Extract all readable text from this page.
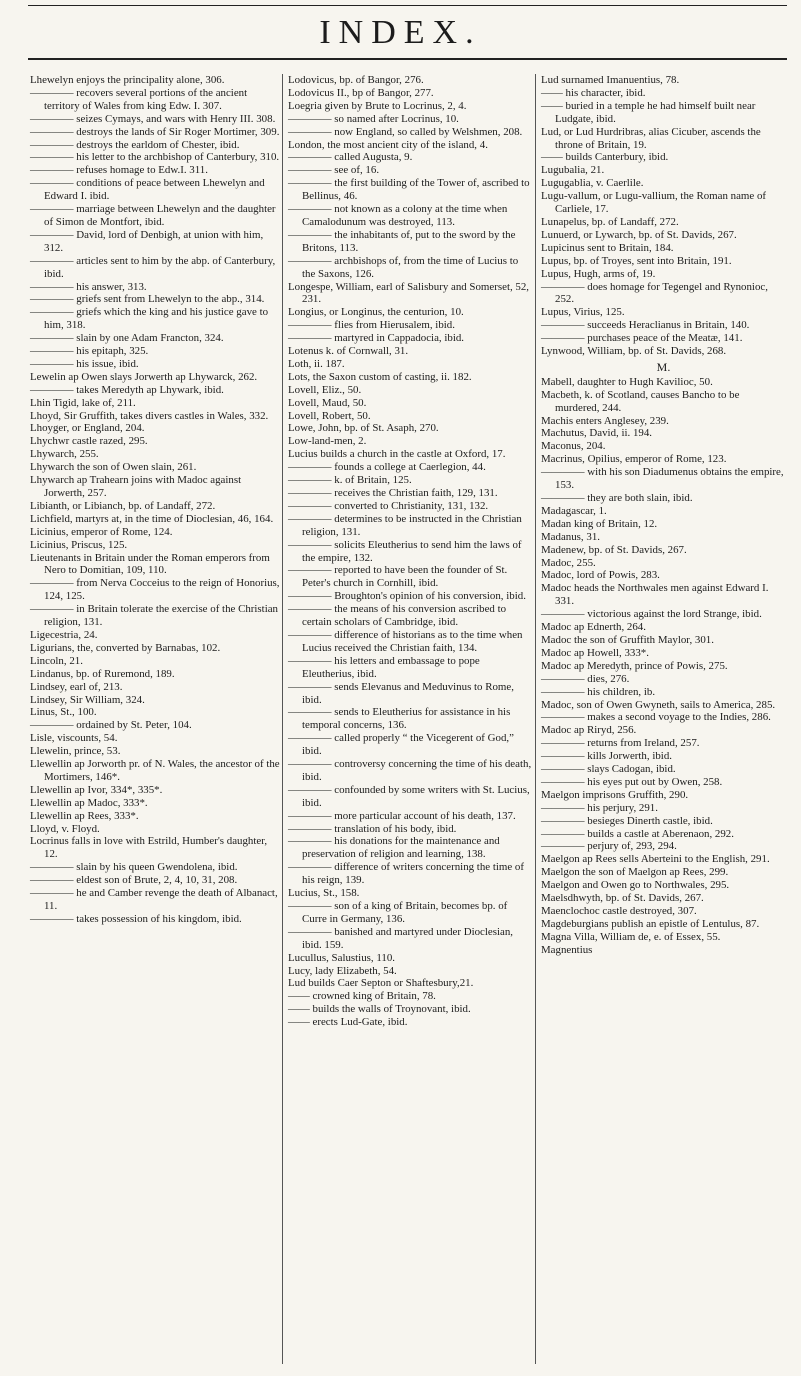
INDEX.

Lhewelyn enjoys the principality alone, 306.

———— recovers several portions of the ancient territory of Wales from king Edw. I. 307.

———— seizes Cymays, and wars with Henry III. 308.

———— destroys the lands of Sir Roger Mortimer, 309.

———— destroys the earldom of Chester, ibid.

———— his letter to the archbishop of Canterbury, 310.

———— refuses homage to Edw.I. 311.

———— conditions of peace between Lhewelyn and Edward I. ibid.

———— marriage between Lhewelyn and the daughter of Simon de Montfort, ibid.

———— David, lord of Denbigh, at union with him, 312.

———— articles sent to him by the abp. of Canterbury, ibid.

———— his answer, 313.

———— griefs sent from Lhewelyn to the abp., 314.

———— griefs which the king and his justice gave to him, 318.

———— slain by one Adam Francton, 324.

———— his epitaph, 325.

———— his issue, ibid.

Lewelin ap Owen slays Jorwerth ap Lhywarck, 262.

———— takes Meredyth ap Lhywark, ibid.

Lhin Tigid, lake of, 211.

Lhoyd, Sir Gruffith, takes divers castles in Wales, 332.

Lhoyger, or England, 204.

Lhychwr castle razed, 295.

Lhywarch, 255.

Lhywarch the son of Owen slain, 261.

Lhywarch ap Trahearn joins with Madoc against Jorwerth, 257.

Libianth, or Libianch, bp. of Landaff, 272.

Lichfield, martyrs at, in the time of Dioclesian, 46, 164.

Licinius, emperor of Rome, 124.

Licinius, Priscus, 125.

Lieutenants in Britain under the Roman emperors from Nero to Domitian, 109, 110.

———— from Nerva Cocceius to the reign of Honorius, 124, 125.

———— in Britain tolerate the exercise of the Christian religion, 131.

Ligecestria, 24.

Ligurians, the, converted by Barnabas, 102.

Lincoln, 21.

Lindanus, bp. of Ruremond, 189.

Lindsey, earl of, 213.

Lindsey, Sir William, 324.

Linus, St., 100.

———— ordained by St. Peter, 104.

Lisle, viscounts, 54.

Llewelin, prince, 53.

Llewellin ap Jorworth pr. of N. Wales, the ancestor of the Mortimers, 146*.

Llewellin ap Ivor, 334*, 335*.

Llewellin ap Madoc, 333*.

Llewellin ap Rees, 333*.

Lloyd, v. Floyd.

Locrinus falls in love with Estrild, Humber's daughter, 12.

———— slain by his queen Gwendolena, ibid.

———— eldest son of Brute, 2, 4, 10, 31, 208.

———— he and Camber revenge the death of Albanact, 11.

———— takes possession of his kingdom, ibid.

Lodovicus, bp. of Bangor, 276.

Lodovicus II., bp of Bangor, 277.

Loegria given by Brute to Locrinus, 2, 4.

———— so named after Locrinus, 10.

———— now England, so called by Welshmen, 208.

London, the most ancient city of the island, 4.

———— called Augusta, 9.

———— see of, 16.

———— the first building of the Tower of, ascribed to Bellinus, 46.

———— not known as a colony at the time when Camalodunum was destroyed, 113.

———— the inhabitants of, put to the sword by the Britons, 113.

———— archbishops of, from the time of Lucius to the Saxons, 126.

Longespe, William, earl of Salisbury and Somerset, 52, 231.

Longius, or Longinus, the centurion, 10.

———— flies from Hierusalem, ibid.

———— martyred in Cappadocia, ibid.

Lotenus k. of Cornwall, 31.

Loth, ii. 187.

Lots, the Saxon custom of casting, ii. 182.

Lovell, Eliz., 50.

Lovell, Maud, 50.

Lovell, Robert, 50.

Lowe, John, bp. of St. Asaph, 270.

Low-land-men, 2.

Lucius builds a church in the castle at Oxford, 17.

———— founds a college at Caerlegion, 44.

———— k. of Britain, 125.

———— receives the Christian faith, 129, 131.

———— converted to Christianity, 131, 132.

———— determines to be instructed in the Christian religion, 131.

———— solicits Eleutherius to send him the laws of the empire, 132.

———— reported to have been the founder of St. Peter's church in Cornhill, ibid.

———— Broughton's opinion of his conversion, ibid.

———— the means of his conversion ascribed to certain scholars of Cambridge, ibid.

———— difference of historians as to the time when Lucius received the Christian faith, 134.

———— his letters and embassage to pope Eleutherius, ibid.

———— sends Elevanus and Meduvinus to Rome, ibid.

———— sends to Eleutherius for assistance in his temporal concerns, 136.

———— called properly “ the Vicegerent of God,” ibid.

———— controversy concerning the time of his death, ibid.

———— confounded by some writers with St. Lucius, ibid.

———— more particular account of his death, 137.

———— translation of his body, ibid.

———— his donations for the maintenance and preservation of religion and learning, 138.

———— difference of writers concerning the time of his reign, 139.

Lucius, St., 158.

———— son of a king of Britain, becomes bp. of Curre in Germany, 136.

———— banished and martyred under Dioclesian, ibid. 159.

Lucullus, Salustius, 110.

Lucy, lady Elizabeth, 54.

Lud builds Caer Septon or Shaftesbury,21.

—— crowned king of Britain, 78.

—— builds the walls of Troynovant, ibid.

—— erects Lud-Gate, ibid.

Lud surnamed Imanuentius, 78.

—— his character, ibid.

—— buried in a temple he had himself built near Ludgate, ibid.

Lud, or Lud Hurdribras, alias Cicuber, ascends the throne of Britain, 19.

—— builds Canterbury, ibid.

Lugubalia, 21.

Lugugablia, v. Caerlile.

Lugu-vallum, or Lugu-vallium, the Roman name of Carliele, 17.

Lunapelus, bp. of Landaff, 272.

Lunuerd, or Lywarch, bp. of St. Davids, 267.

Lupicinus sent to Britain, 184.

Lupus, bp. of Troyes, sent into Britain, 191.

Lupus, Hugh, arms of, 19.

———— does homage for Tegengel and Rynonioc, 252.

Lupus, Virius, 125.

———— succeeds Heraclianus in Britain, 140.

———— purchases peace of the Meatæ, 141.

Lynwood, William, bp. of St. Davids, 268.

M.

Mabell, daughter to Hugh Kavilioc, 50.

Macbeth, k. of Scotland, causes Bancho to be murdered, 244.

Machis enters Anglesey, 239.

Machutus, David, ii. 194.

Maconus, 204.

Macrinus, Opilius, emperor of Rome, 123.

———— with his son Diadumenus obtains the empire, 153.

———— they are both slain, ibid.

Madagascar, 1.

Madan king of Britain, 12.

Madanus, 31.

Madenew, bp. of St. Davids, 267.

Madoc, 255.

Madoc, lord of Powis, 283.

Madoc heads the Northwales men against Edward I. 331.

———— victorious against the lord Strange, ibid.

Madoc ap Ednerth, 264.

Madoc the son of Gruffith Maylor, 301.

Madoc ap Howell, 333*.

Madoc ap Meredyth, prince of Powis, 275.

———— dies, 276.

———— his children, ib.

Madoc, son of Owen Gwyneth, sails to America, 285.

———— makes a second voyage to the Indies, 286.

Madoc ap Riryd, 256.

———— returns from Ireland, 257.

———— kills Jorwerth, ibid.

———— slays Cadogan, ibid.

———— his eyes put out by Owen, 258.

Maelgon imprisons Gruffith, 290.

———— his perjury, 291.

———— besieges Dinerth castle, ibid.

———— builds a castle at Aberenaon, 292.

———— perjury of, 293, 294.

Maelgon ap Rees sells Aberteini to the English, 291.

Maelgon the son of Maelgon ap Rees, 299.

Maelgon and Owen go to Northwales, 295.

Maelsdhwyth, bp. of St. Davids, 267.

Maenclochoc castle destroyed, 307.

Magdeburgians publish an epistle of Lentulus, 87.

Magna Villa, William de, e. of Essex, 55.

Magnentius
